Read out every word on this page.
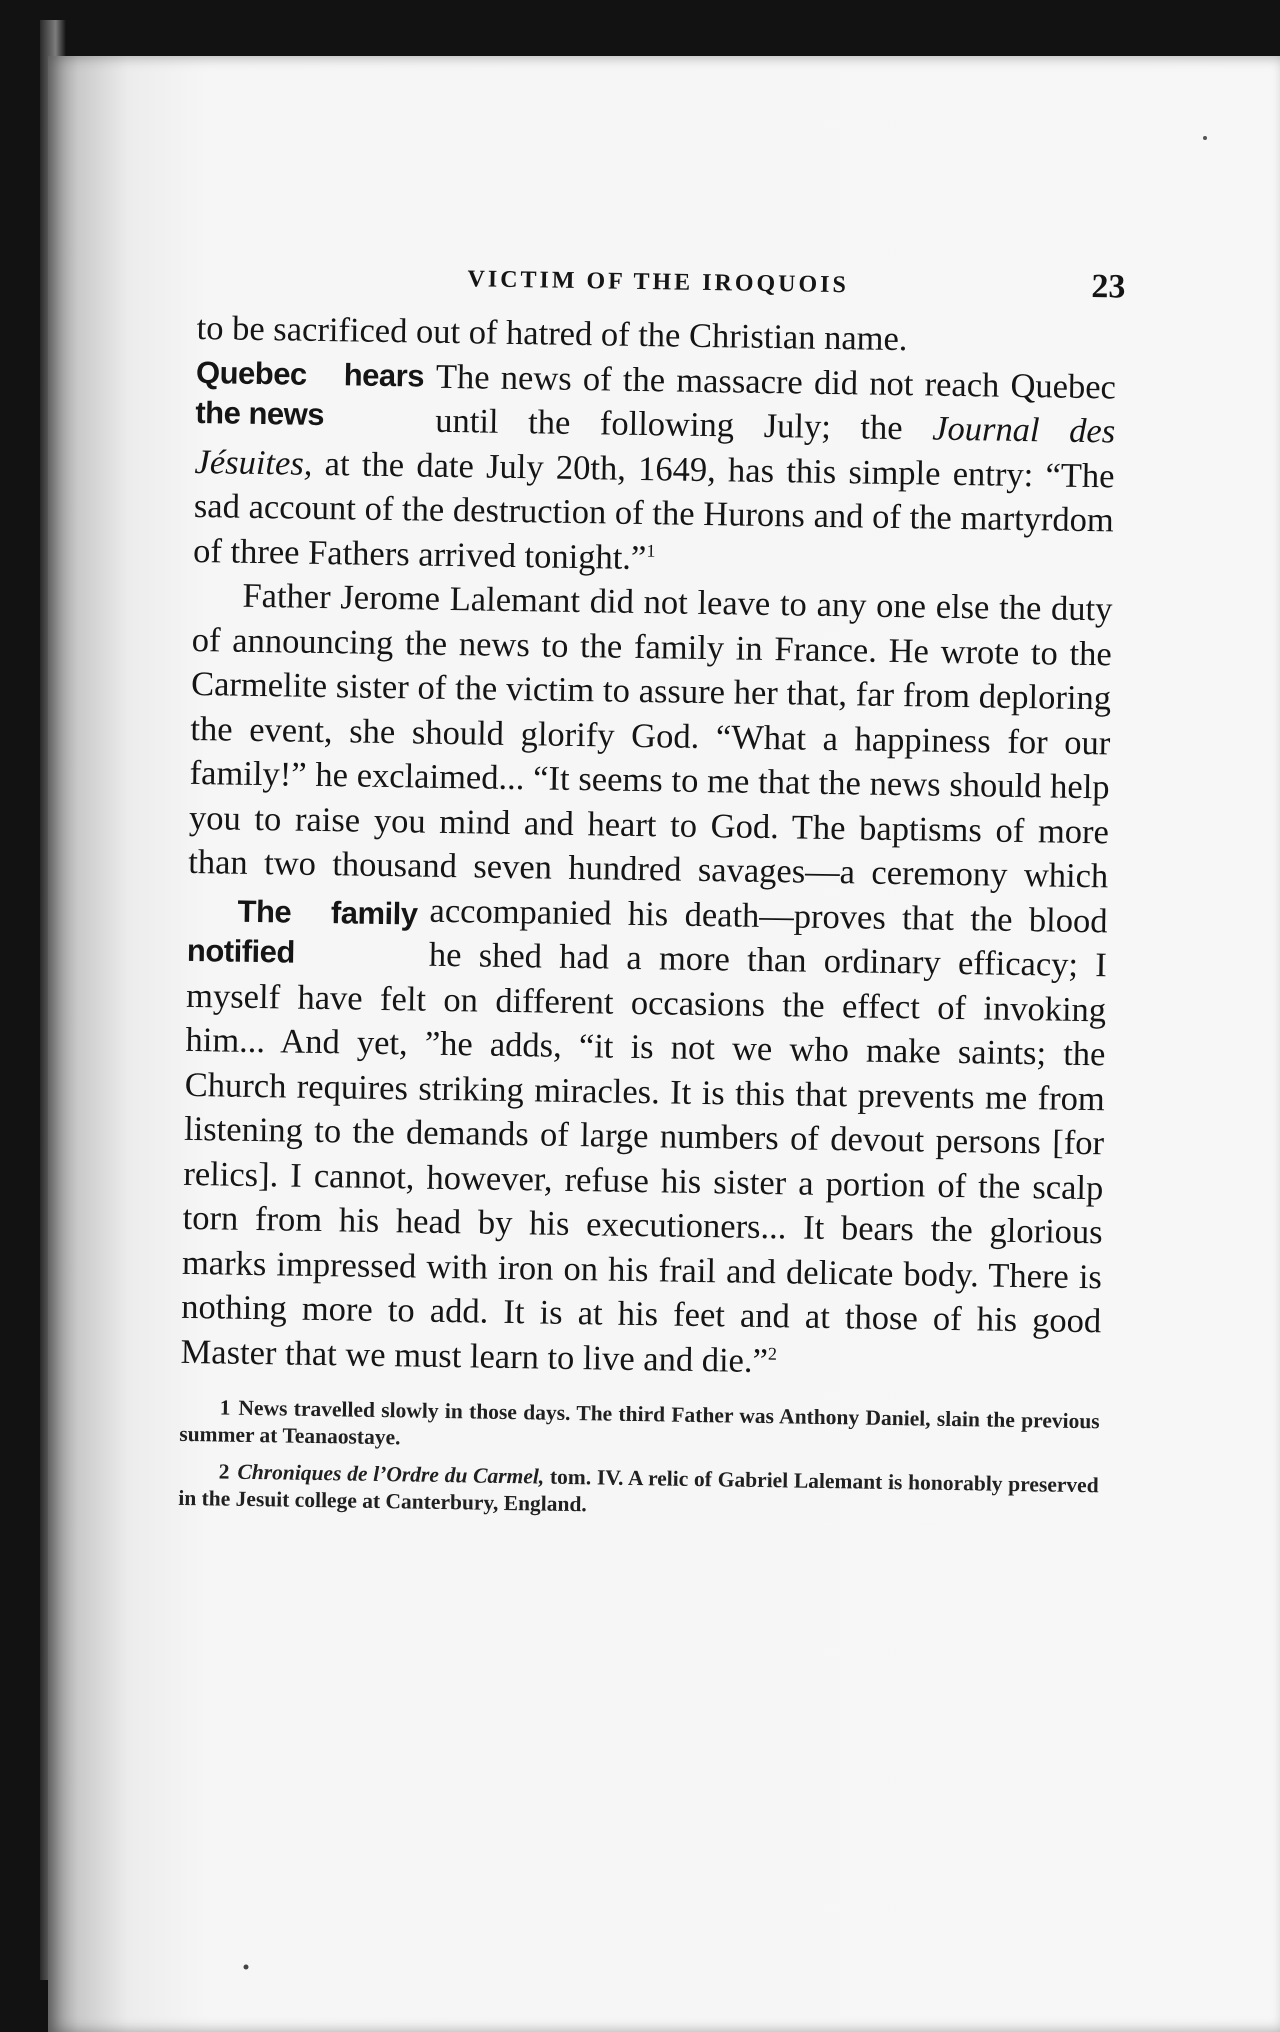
VICTIM OF THE IROQUOIS	23

to be sacrificed out of hatred of the Christian name.

Quebec hears the news
The news of the massacre did not reach Quebec until the following July; the Journal des Jésuites, at the date July 20th, 1649, has this simple entry: “The sad account of the destruction of the Hurons and of the martyrdom of three Fathers arrived tonight.”$^1$

Father Jerome Lalemant did not leave to any one else the duty of announcing the news to the family in France. He wrote to the Carmelite sister of the victim to assure her that, far from deploring the event, she should glorify God. “What a happiness for our family!” he exclaimed... “It seems to me that the news should help you to raise you mind and heart to God. The baptisms of more than two thousand seven hundred savages—a ceremony which accompanied his
The family notified
death—proves that the blood he shed had a more than ordinary efficacy; I myself have felt on different occasions the effect of invoking him... And yet, ”he adds, “it is not we who make saints; the Church requires striking miracles. It is this that prevents me from listening to the demands of large numbers of devout persons [for relics]. I cannot, however, refuse his sister a portion of the scalp torn from his head by his executioners... It bears the glorious marks impressed with iron on his frail and delicate body. There is nothing more to add. It is at his feet and at those of his good Master that we must learn to live and die.”$^2$

1 News travelled slowly in those days. The third Father was Anthony Daniel, slain the previous summer at Teanaostaye.

2 Chroniques de l’Ordre du Carmel, tom. IV. A relic of Gabriel Lalemant is honorably preserved in the Jesuit college at Canterbury, England.
